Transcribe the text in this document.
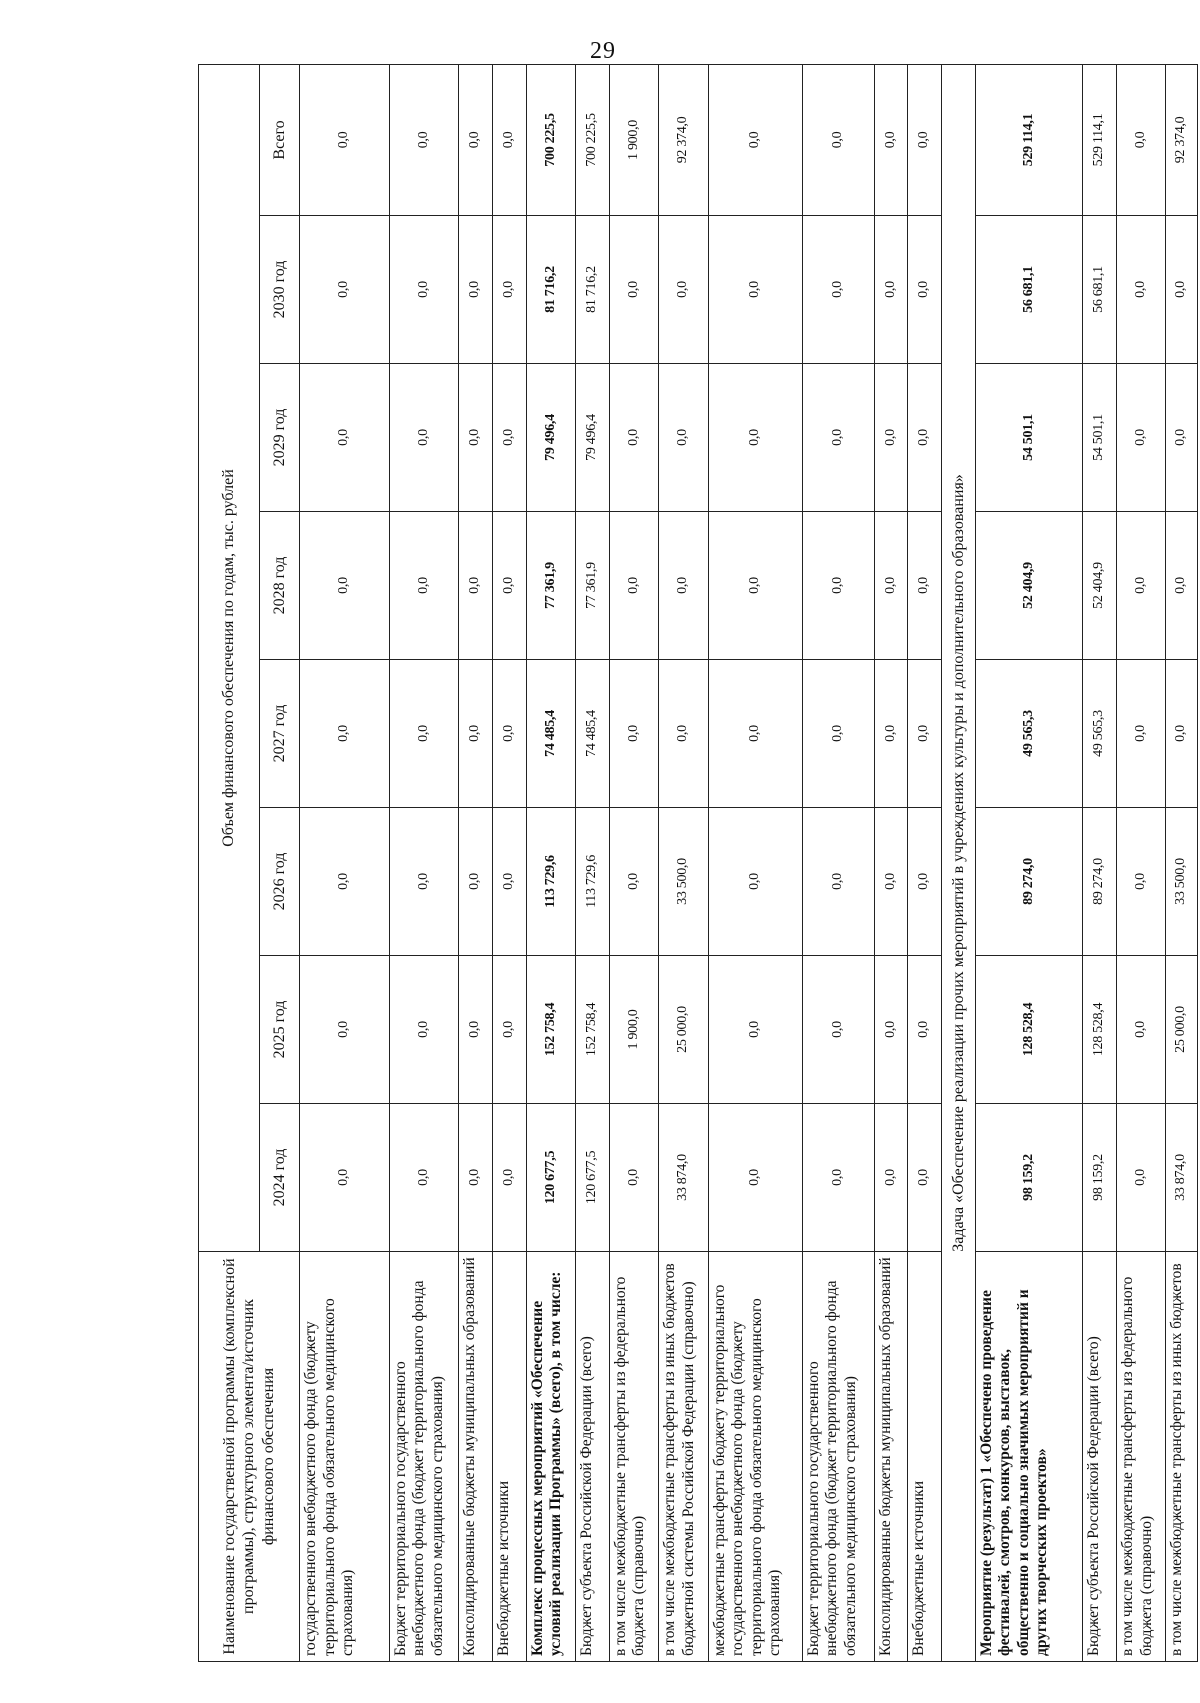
29
Наименование государственной программы (комплексной программы), структурного элемента/источник финансового обеспечения	Объем финансового обеспечения по годам, тыс. рублей							
	2024 год	2025 год	2026 год	2027 год	2028 год	2029 год	2030 год	Всего
государственного внебюджетного фонда (бюджету территориального фонда обязательного медицинского страхования)	0,0	0,0	0,0	0,0	0,0	0,0	0,0	0,0
Бюджет территориального государственного внебюджетного фонда (бюджет территориального фонда обязательного медицинского страхования)	0,0	0,0	0,0	0,0	0,0	0,0	0,0	0,0
Консолидированные бюджеты муниципальных образований	0,0	0,0	0,0	0,0	0,0	0,0	0,0	0,0
Внебюджетные источники	0,0	0,0	0,0	0,0	0,0	0,0	0,0	0,0
Комплекс процессных мероприятий «Обеспечение условий реализации Программы» (всего), в том числе:	120 677,5	152 758,4	113 729,6	74 485,4	77 361,9	79 496,4	81 716,2	700 225,5
Бюджет субъекта Российской Федерации (всего)	120 677,5	152 758,4	113 729,6	74 485,4	77 361,9	79 496,4	81 716,2	700 225,5
в том числе межбюджетные трансферты из федерального бюджета (справочно)	0,0	1 900,0	0,0	0,0	0,0	0,0	0,0	1 900,0
в том числе межбюджетные трансферты из иных бюджетов бюджетной системы Российской Федерации (справочно)	33 874,0	25 000,0	33 500,0	0,0	0,0	0,0	0,0	92 374,0
межбюджетные трансферты бюджету территориального государственного внебюджетного фонда (бюджету территориального фонда обязательного медицинского страхования)	0,0	0,0	0,0	0,0	0,0	0,0	0,0	0,0
Бюджет территориального государственного внебюджетного фонда (бюджет территориального фонда обязательного медицинского страхования)	0,0	0,0	0,0	0,0	0,0	0,0	0,0	0,0
Консолидированные бюджеты муниципальных образований	0,0	0,0	0,0	0,0	0,0	0,0	0,0	0,0
Внебюджетные источники	0,0	0,0	0,0	0,0	0,0	0,0	0,0	0,0
Задача «Обеспечение реализации прочих мероприятий в учреждениях культуры и дополнительного образования»								
Мероприятие (результат) 1 «Обеспечено проведение фестивалей, смотров, конкурсов, выставок, общественно и социально значимых мероприятий и других творческих проектов»	98 159,2	128 528,4	89 274,0	49 565,3	52 404,9	54 501,1	56 681,1	529 114,1
Бюджет субъекта Российской Федерации (всего)	98 159,2	128 528,4	89 274,0	49 565,3	52 404,9	54 501,1	56 681,1	529 114,1
в том числе межбюджетные трансферты из федерального бюджета (справочно)	0,0	0,0	0,0	0,0	0,0	0,0	0,0	0,0
в том числе межбюджетные трансферты из иных бюджетов	33 874,0	25 000,0	33 500,0	0,0	0,0	0,0	0,0	92 374,0
